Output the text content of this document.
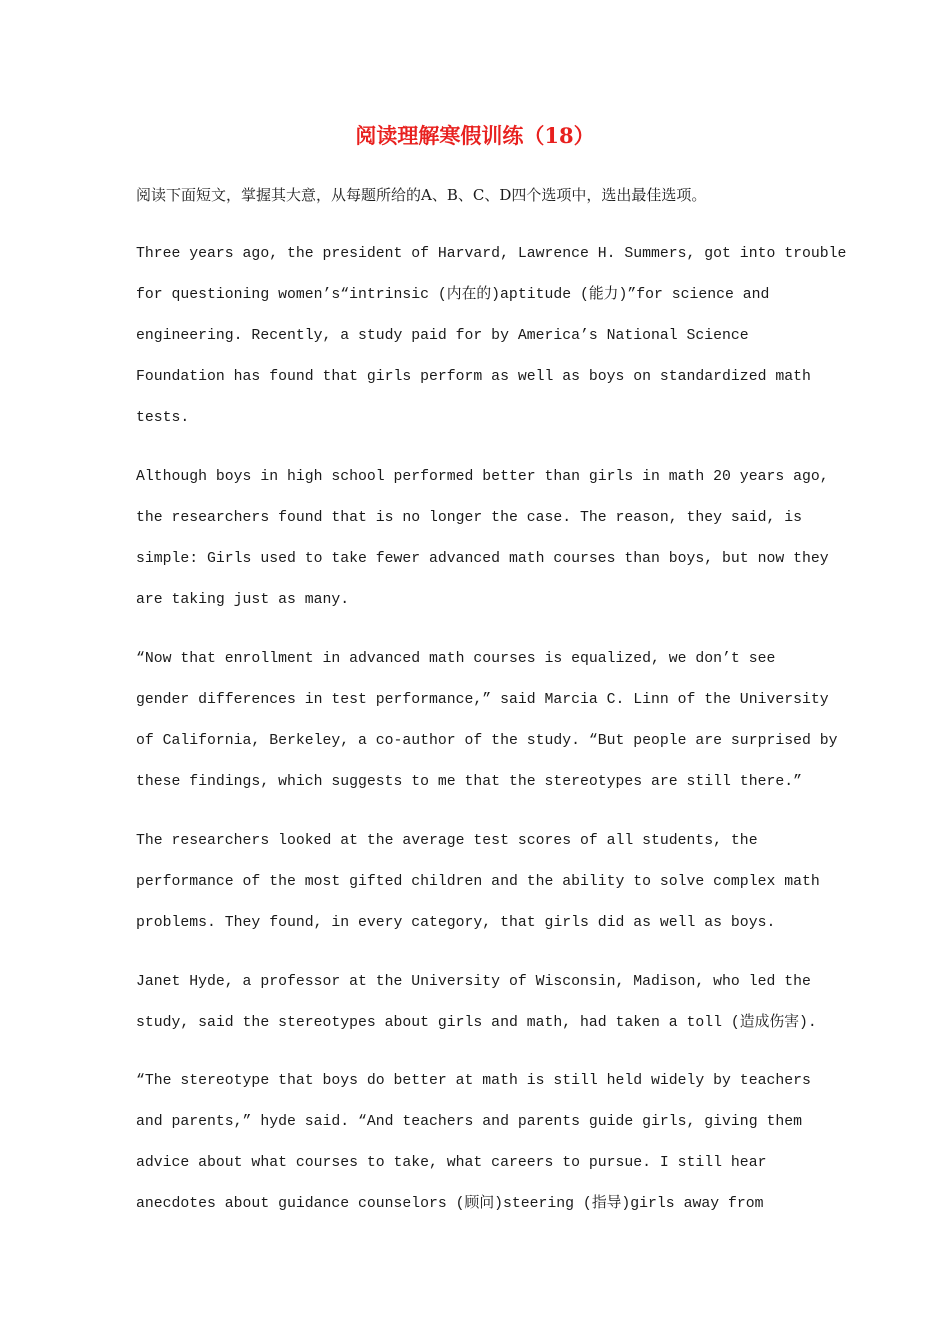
阅读理解寒假训练（18）

阅读下面短文，掌握其大意，从每题所给的A、B、C、D四个选项中，选出最佳选项。

Three years ago, the president of Harvard, Lawrence H. Summers, got into trouble

for questioning women’s“intrinsic (内在的)aptitude (能力)”for science and

engineering. Recently, a study paid for by America’s National Science

Foundation has found that girls perform as well as boys on standardized math

tests.

Although boys in high school performed better than girls in math 20 years ago,

the researchers found that is no longer the case. The reason, they said, is

simple: Girls used to take fewer advanced math courses than boys, but now they

are taking just as many.

“Now that enrollment in advanced math courses is equalized, we don’t see

gender differences in test performance,” said Marcia C. Linn of the University

of California, Berkeley, a co-author of the study. “But people are surprised by

these findings, which suggests to me that the stereotypes are still there.”

The researchers looked at the average test scores of all students, the

performance of the most gifted children and the ability to solve complex math

problems. They found, in every category, that girls did as well as boys.

Janet Hyde, a professor at the University of Wisconsin, Madison, who led the

study, said the stereotypes about girls and math, had taken a toll (造成伤害).

“The stereotype that boys do better at math is still held widely by teachers

and parents,” hyde said. “And teachers and parents guide girls, giving them

advice about what courses to take, what careers to pursue. I still hear

anecdotes about guidance counselors (顾问)steering (指导)girls away from
